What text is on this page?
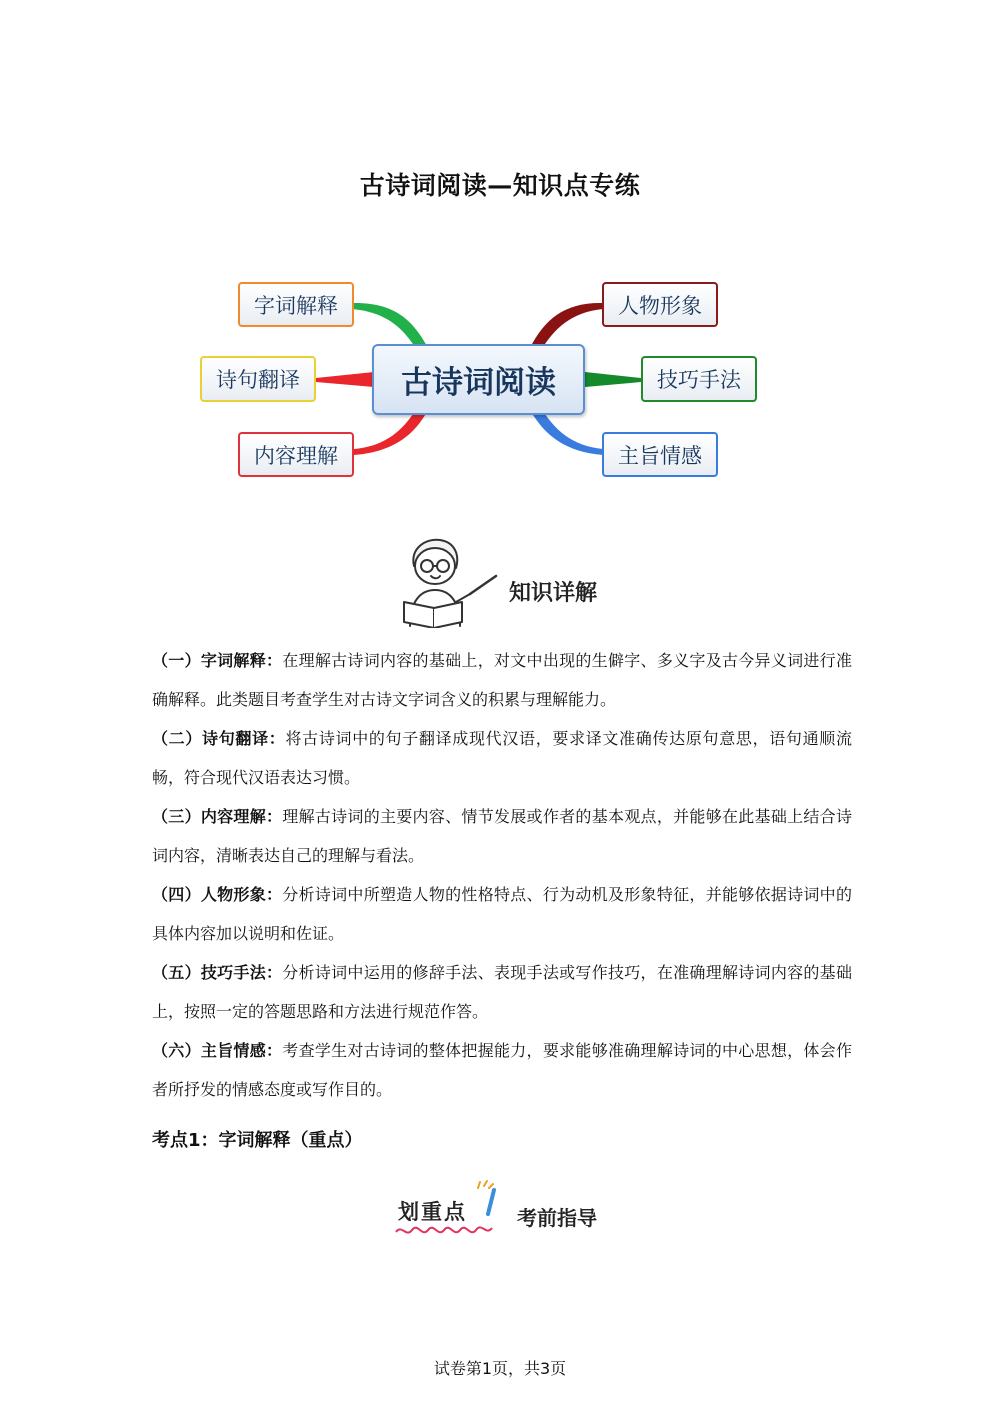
古诗词阅读—知识点专练
字词解释
诗句翻译
内容理解
古诗词阅读
人物形象
技巧手法
主旨情感
知识详解

（一）字词解释：在理解古诗词内容的基础上，对文中出现的生僻字、多义字及古今异义词进行准确解释。此类题目考查学生对古诗文字词含义的积累与理解能力。

（二）诗句翻译：将古诗词中的句子翻译成现代汉语，要求译文准确传达原句意思，语句通顺流畅，符合现代汉语表达习惯。

（三）内容理解：理解古诗词的主要内容、情节发展或作者的基本观点，并能够在此基础上结合诗词内容，清晰表达自己的理解与看法。

（四）人物形象：分析诗词中所塑造人物的性格特点、行为动机及形象特征，并能够依据诗词中的具体内容加以说明和佐证。

（五）技巧手法：分析诗词中运用的修辞手法、表现手法或写作技巧，在准确理解诗词内容的基础上，按照一定的答题思路和方法进行规范作答。

（六）主旨情感：考查学生对古诗词的整体把握能力，要求能够准确理解诗词的中心思想，体会作者所抒发的情感态度或写作目的。

考点1：字词解释（重点）
划重点	考前指导
试卷第1页，共3页
